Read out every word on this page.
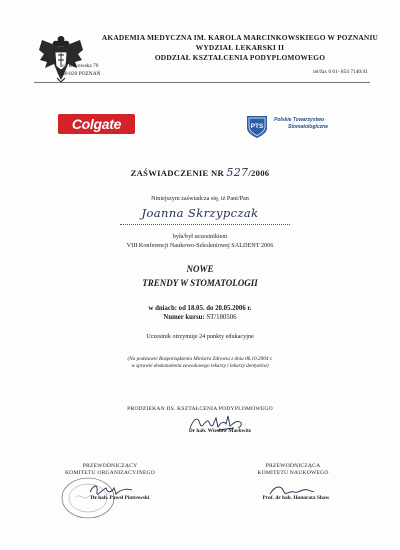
AKADEMIA MEDYCZNA IM. KAROLA MARCINKOWSKIEGO W POZNANIU
WYDZIAŁ LEKARSKI II
ODDZIAŁ KSZTAŁCENIA PODYPLOMOWEGO
ul. Bukowska 70
60-820 POZNAŃ	tel/fax 0 61- 854 7140/41
Colgate	PTS
Polskie Towarzystwo
Stomatologiczne
ZAŚWIADCZENIE NR 527/2006
Niniejszym zaświadcza się, iż Pani/Pan
Joanna Skrzypczak
była/był uczestnikiem
VIII Konferencji Naukowo-Szkoleniowej SALDENT 2006
NOWE
TRENDY W STOMATOLOGII
w dniach: od 18.05. do 20.05.2006 r.
Numer kursu: ST/180506
Uczestnik otrzymuje 24 punkty edukacyjne
(Na podstawie Rozporządzenia Ministra Zdrowia z dnia 06.10.2004 r.
w sprawie doskonalenia zawodowego lekarzy i lekarzy dentystów)
PRODZIEKAN DS. KSZTAŁCENIA PODYPLOMOWEGO
Dr hab. Wiesław Markwitz
PRZEWODNICZĄCY
KOMITETU ORGANIZACYJNEGO
Dr hab. Paweł Piotrowski
PRZEWODNICZĄCA
KOMITETU NAUKOWEGO
Prof. dr hab. Honorata Shaw
